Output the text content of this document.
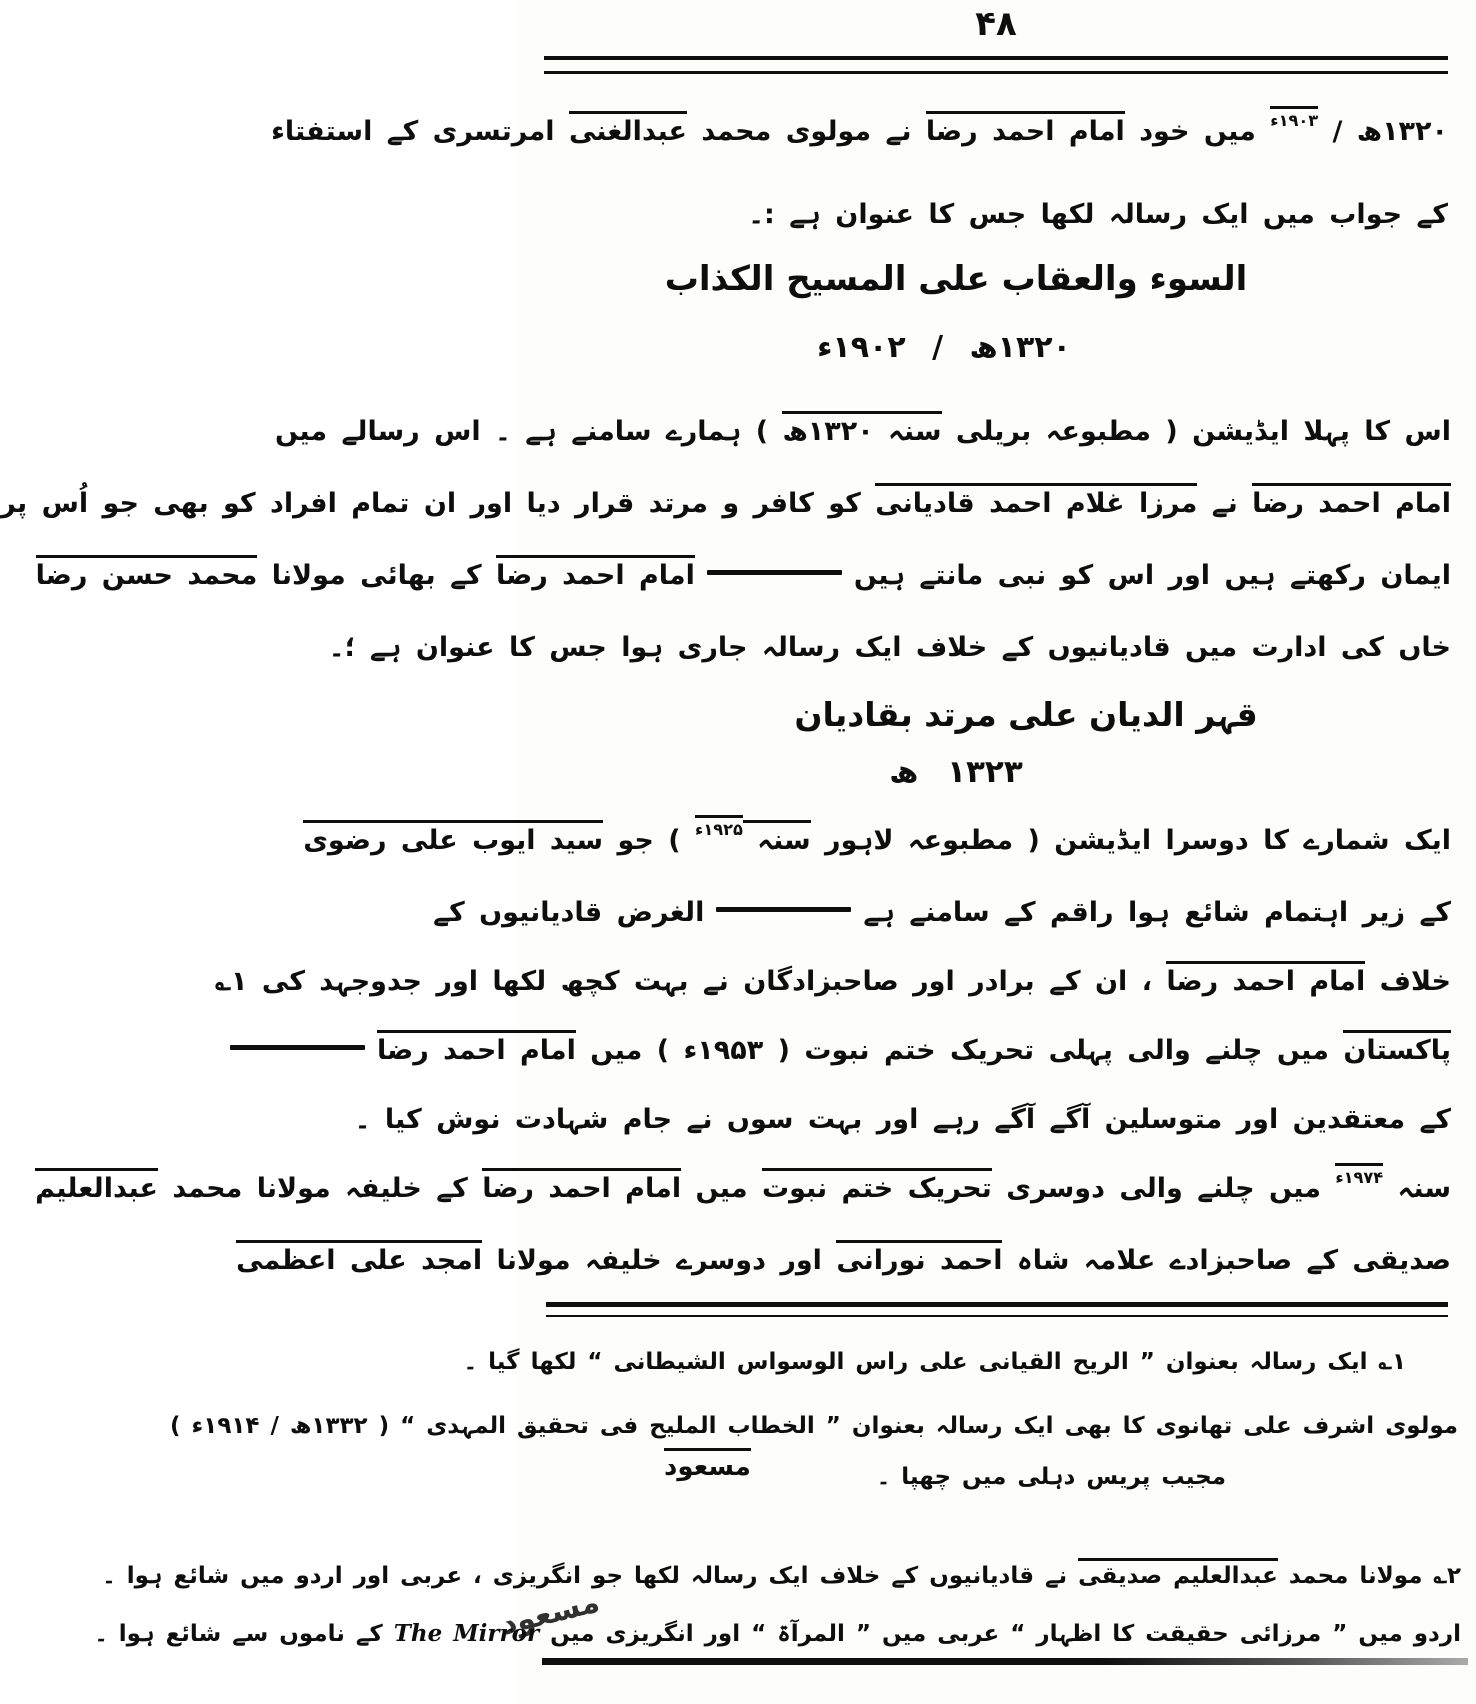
۴۸
۱۳۲۰ھ / $^{۱۹۰۳ء}$ میں خود امام احمد رضا نے مولوی محمد عبدالغنی امرتسری کے استفتاء
کے جواب میں ایک رسالہ لکھا جس کا عنوان ہے :۔
السوء والعقاب علی المسیح الکذاب
۱۳۲۰ھ / ۱۹۰۲ء
اس کا پہلا ایڈیشن ( مطبوعہ بریلی سنہ ۱۳۲۰ھ ) ہمارے سامنے ہے ۔ اس رسالے میں
امام احمد رضا نے مرزا غلام احمد قادیانی کو کافر و مرتد قرار دیا اور ان تمام افراد کو بھی جو اُس پر
ایمان رکھتے ہیں اور اس کو نبی مانتے ہیںامام احمد رضا کے بھائی مولانا محمد حسن رضا
خاں کی ادارت میں قادیانیوں کے خلاف ایک رسالہ جاری ہوا جس کا عنوان ہے ؛۔
قہر الدیان علی مرتد بقادیان
۱۳۲۳ ھ
ایک شمارے کا دوسرا ایڈیشن ( مطبوعہ لاہور سنہ $^{۱۹۲۵ء}$ ) جو سید ایوب علی رضوی
کے زیر اہتمام شائع ہوا راقم کے سامنے ہےالغرض قادیانیوں کے
خلاف امام احمد رضا ، ان کے برادر اور صاحبزادگان نے بہت کچھ لکھا اور جدوجہد کی ۱؎
پاکستان میں چلنے والی پہلی تحریک ختم نبوت ( ۱۹۵۳ء ) میں امام احمد رضا
کے معتقدین اور متوسلین آگے آگے رہے اور بہت سوں نے جام شہادت نوش کیا ۔
سنہ $^{۱۹۷۴ء}$ میں چلنے والی دوسری تحریک ختم نبوت میں امام احمد رضا کے خلیفہ مولانا محمد عبدالعلیم
صدیقی کے صاحبزادے علامہ شاہ احمد نورانی اور دوسرے خلیفہ مولانا امجد علی اعظمی
۱؎ ایک رسالہ بعنوان ” الریح القیانی علی راس الوسواس الشیطانی “ لکھا گیا ۔
مولوی اشرف علی تھانوی کا بھی ایک رسالہ بعنوان ” الخطاب الملیح فی تحقیق المہدی “ ( ۱۳۳۲ھ / ۱۹۱۴ء )
مجیب پریس دہلی میں چھپا ۔
مسعود
۲؎ مولانا محمد عبدالعلیم صدیقی نے قادیانیوں کے خلاف ایک رسالہ لکھا جو انگریزی ، عربی اور اردو میں شائع ہوا ۔
اردو میں ” مرزائی حقیقت کا اظہار “ عربی میں ” المرآۃ “ اور انگریزی میں The Mirror کے ناموں سے شائع ہوا ۔	مسعود
